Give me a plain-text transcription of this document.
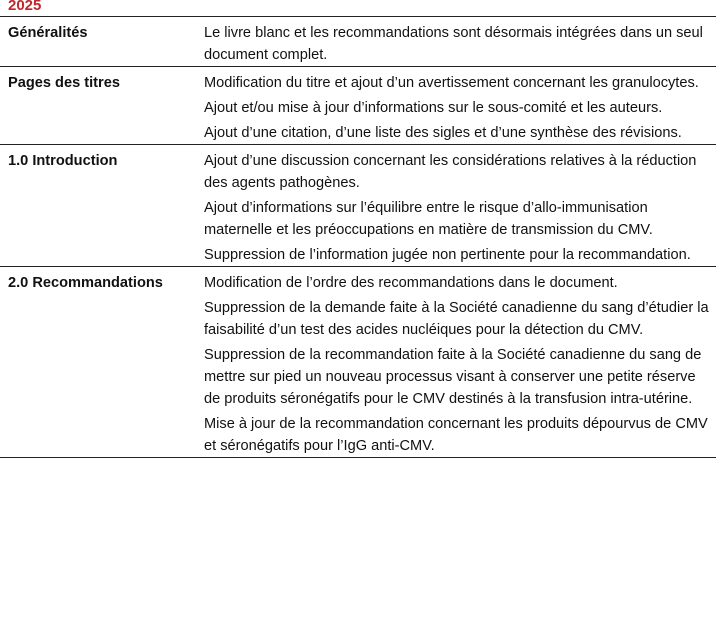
2025
Généralités	Le livre blanc et les recommandations sont désormais intégrées dans un seul document complet.

Pages des titres	Modification du titre et ajout d’un avertissement concernant les granulocytes.
Ajout et/ou mise à jour d’informations sur le sous-comité et les auteurs.
Ajout d’une citation, d’une liste des sigles et d’une synthèse des révisions.

1.0 Introduction	Ajout d’une discussion concernant les considérations relatives à la réduction des agents pathogènes.
Ajout d’informations sur l’équilibre entre le risque d’allo-immunisation maternelle et les préoccupations en matière de transmission du CMV.
Suppression de l’information jugée non pertinente pour la recommandation.

2.0 Recommandations	Modification de l’ordre des recommandations dans le document.
Suppression de la demande faite à la Société canadienne du sang d’étudier la faisabilité d’un test des acides nucléiques pour la détection du CMV.
Suppression de la recommandation faite à la Société canadienne du sang de mettre sur pied un nouveau processus visant à conserver une petite réserve de produits séronégatifs pour le CMV destinés à la transfusion intra-utérine.
Mise à jour de la recommandation concernant les produits dépourvus de CMV et séronégatifs pour l’IgG anti-CMV.
